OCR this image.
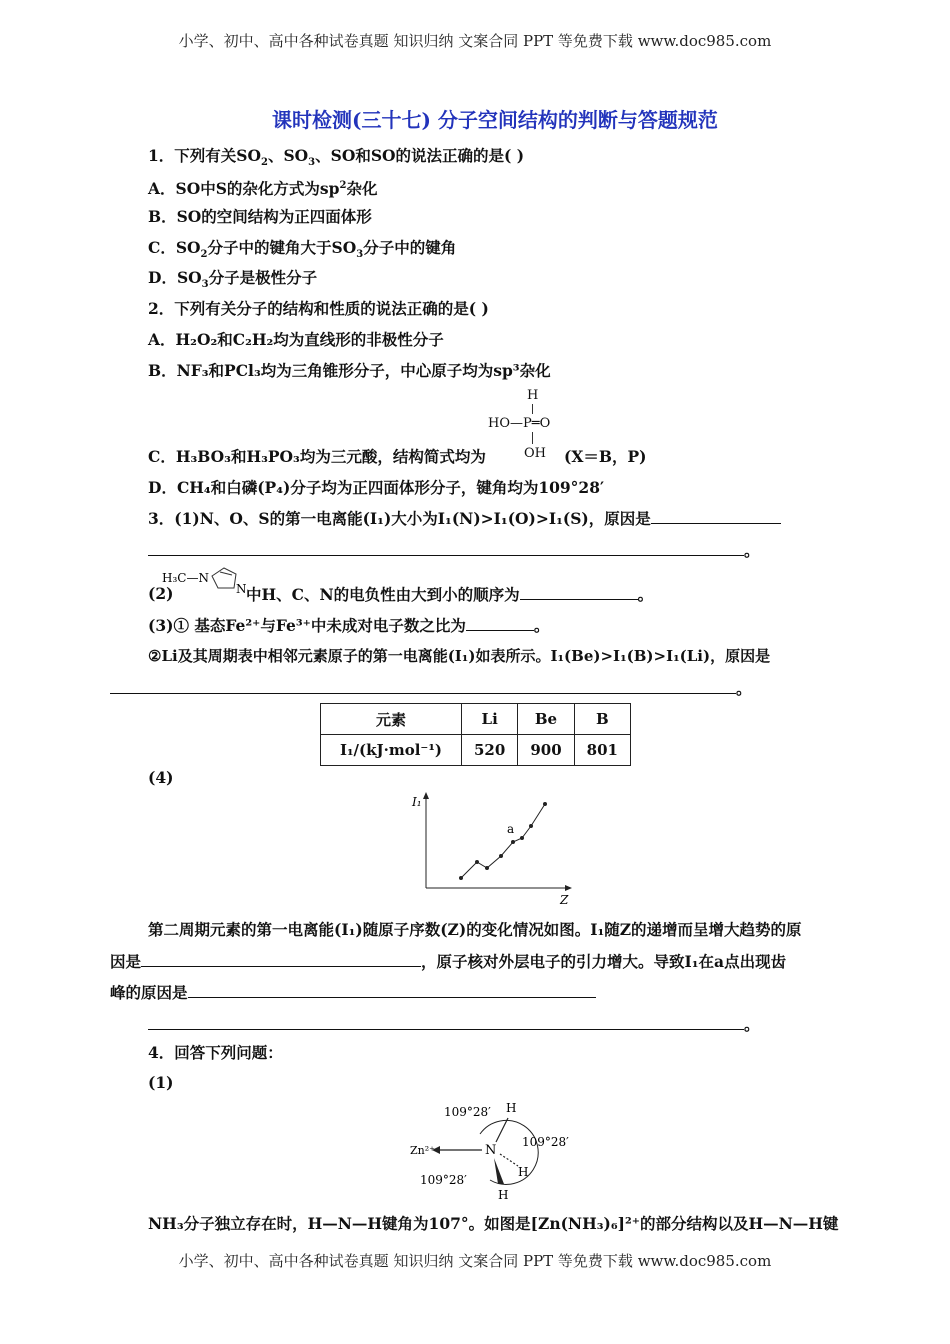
小学、初中、高中各种试卷真题 知识归纳 文案合同 PPT 等免费下载 www.doc985.com
课时检测(三十七) 分子空间结构的判断与答题规范
1．下列有关$SO_2$、$SO_3$、SO和SO的说法正确的是( )
A．SO中S的杂化方式为$sp^2$杂化
B．SO的空间结构为正四面体形
C．$SO_2$分子中的键角大于$SO_3$分子中的键角
D．$SO_3$分子是极性分子
2．下列有关分子的结构和性质的说法正确的是( )
A．H₂O₂和C₂H₂均为直线形的非极性分子
B．NF₃和PCl₃均为三角锥形分子，中心原子均为sp³杂化
H
HO—P═O
OH
C．H₃BO₃和H₃PO₃均为三元酸，结构简式均为	(X＝B，P)
D．CH₄和白磷(P₄)分子均为正四面体形分子，键角均为109°28′
3．(1)N、O、S的第一电离能(I₁)大小为I₁(N)>I₁(O)>I₁(S)，原因是
。
(2)
H₃C—N
N 中H、C、N的电负性由大到小的顺序为	。
(3)① 基态Fe²⁺与Fe³⁺中未成对电子数之比为	。
②Li及其周期表中相邻元素原子的第一电离能(I₁)如表所示。I₁(Be)>I₁(B)>I₁(Li)，原因是
。
元素	Li	Be	B
I₁/(kJ·mol⁻¹)	520	900	801
(4)
I₁
Z
a
第二周期元素的第一电离能(I₁)随原子序数(Z)的变化情况如图。I₁随Z的递增而呈增大趋势的原
因是	，原子核对外层电子的引力增大。导致I₁在a点出现齿
峰的原因是
。
4．回答下列问题：
(1)
N
Zn²⁺
H
H
H
109°28′
109°28′
109°28′
NH₃分子独立存在时，H—N—H键角为107°。如图是[Zn(NH₃)₆]²⁺的部分结构以及H—N—H键
小学、初中、高中各种试卷真题 知识归纳 文案合同 PPT 等免费下载 www.doc985.com
